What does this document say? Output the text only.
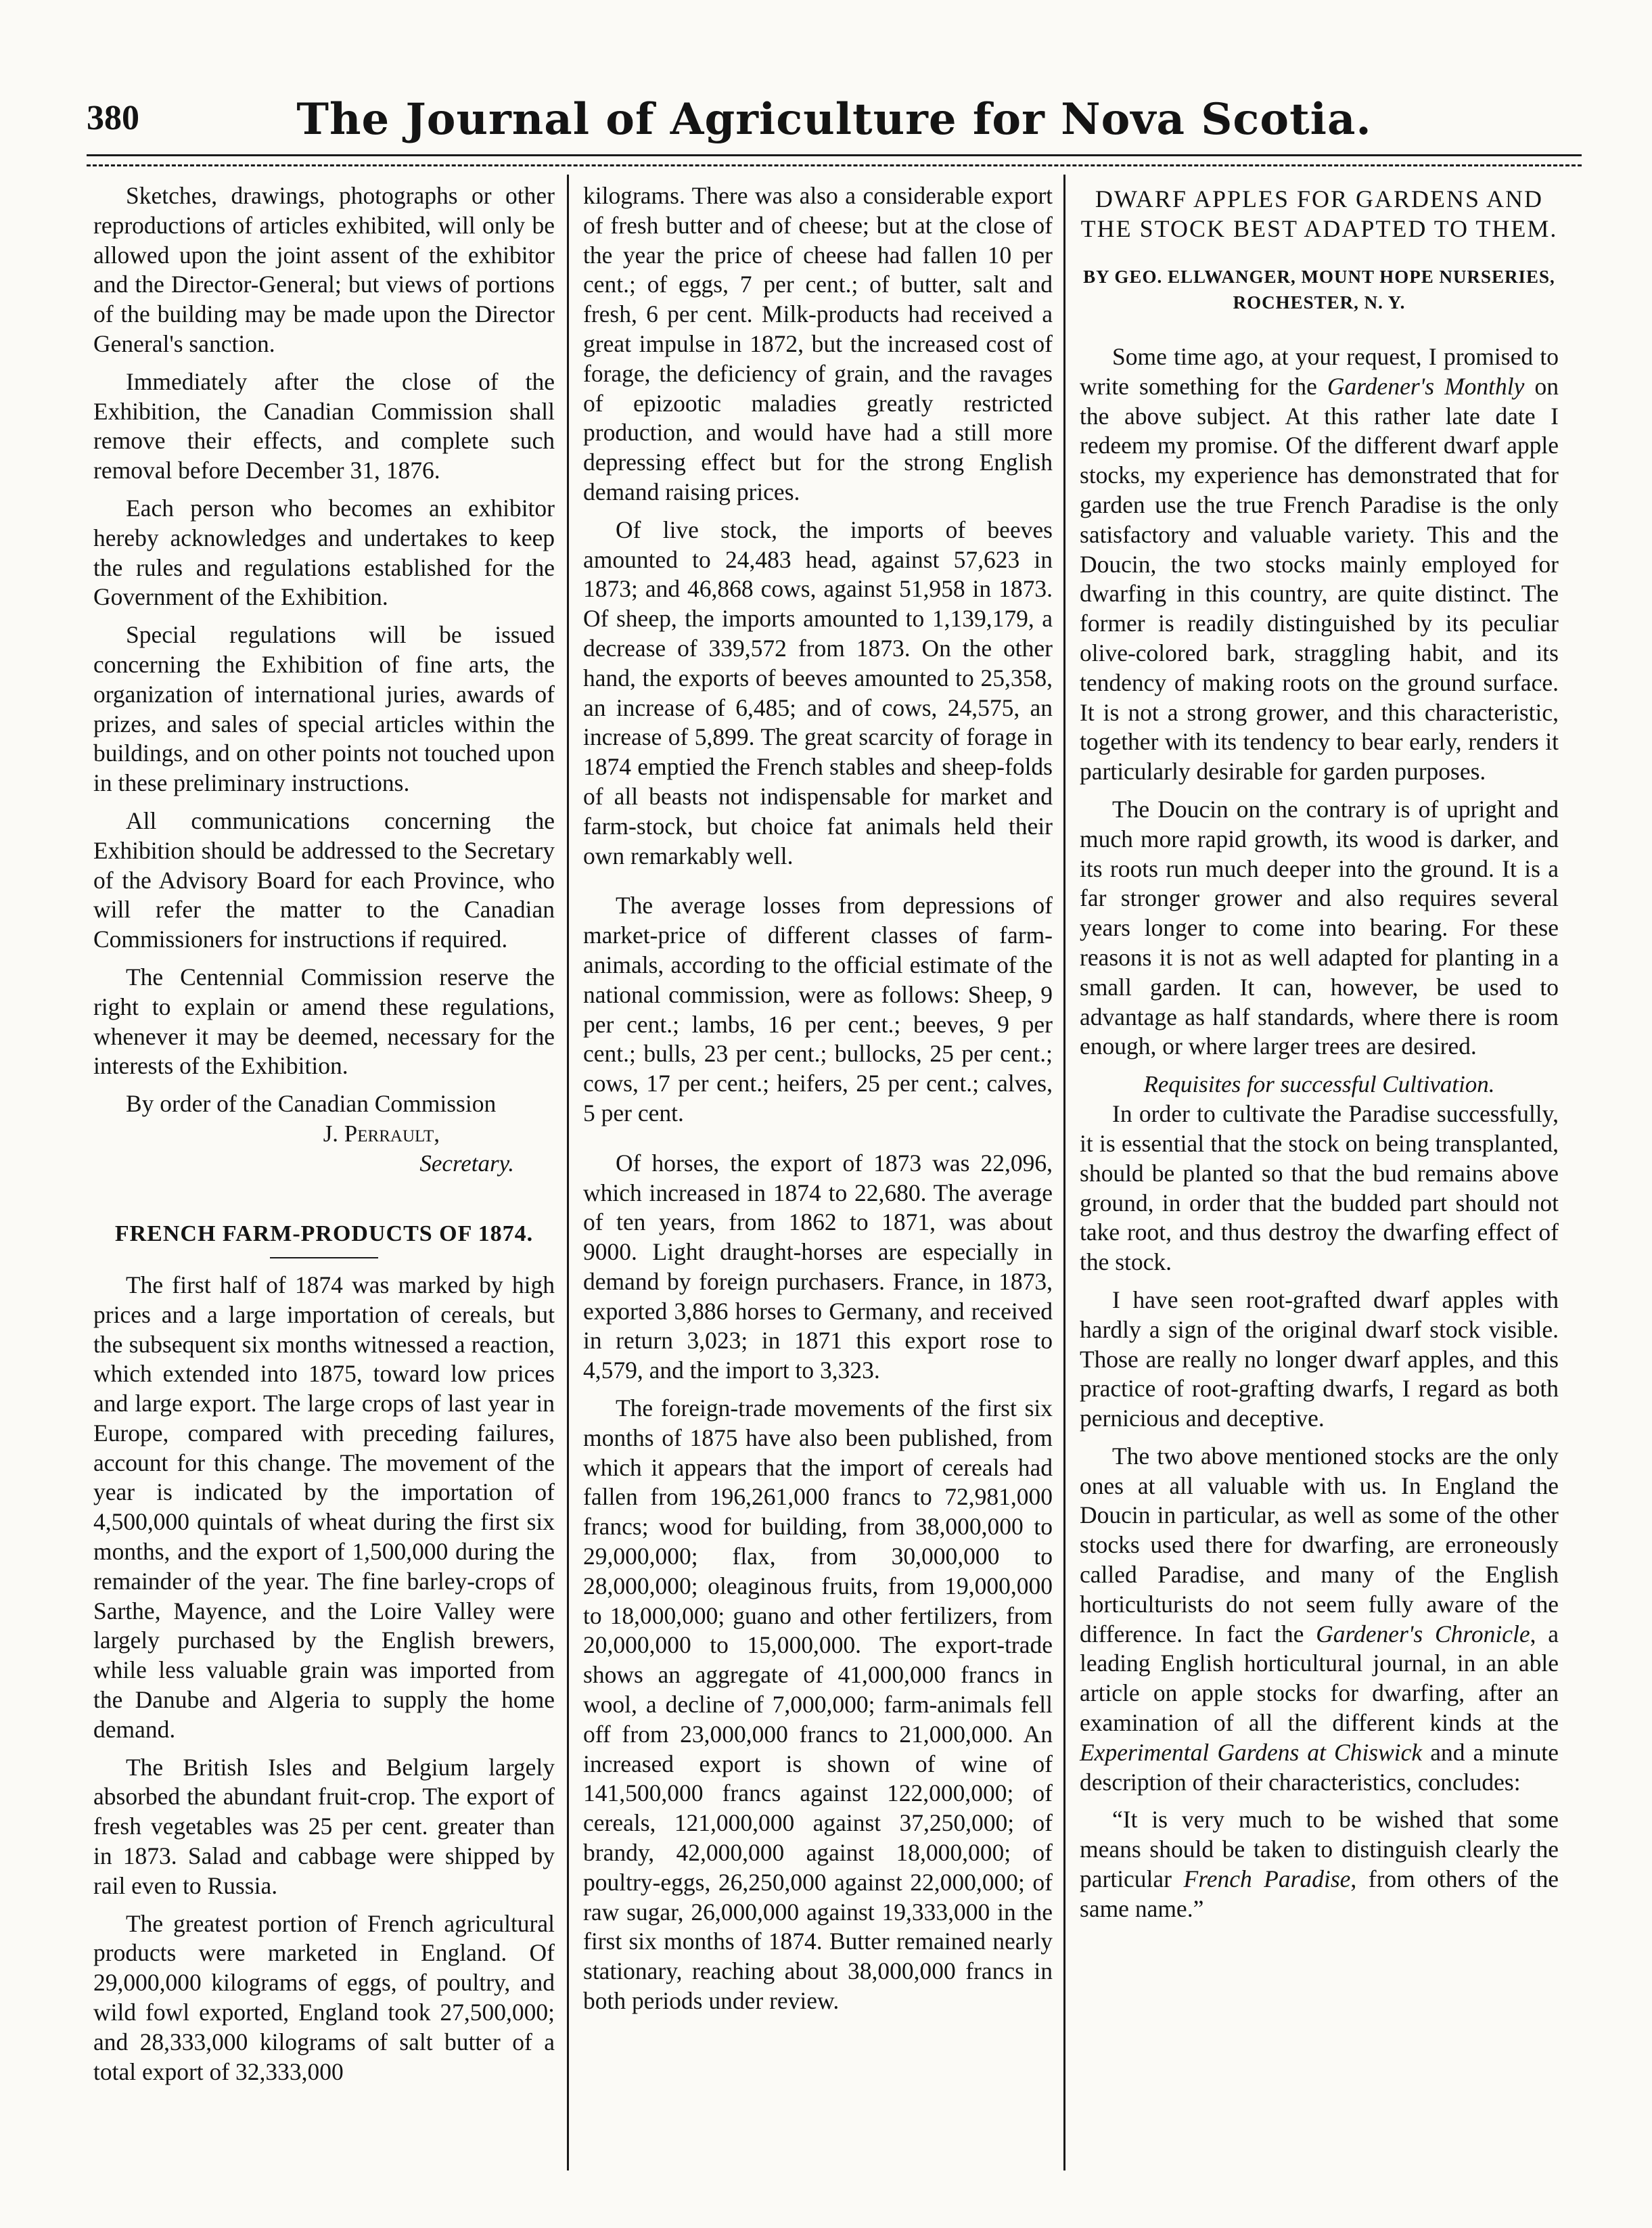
380	The Journal of Agriculture for Nova Scotia.

Sketches, drawings, photographs or other reproductions of articles exhibited, will only be allowed upon the joint assent of the exhibitor and the Director-General; but views of portions of the building may be made upon the Director General's sanction.

Immediately after the close of the Exhibition, the Canadian Commission shall remove their effects, and complete such removal before December 31, 1876.

Each person who becomes an exhibitor hereby acknowledges and undertakes to keep the rules and regulations established for the Government of the Exhibition.

Special regulations will be issued concerning the Exhibition of fine arts, the organization of international juries, awards of prizes, and sales of special articles within the buildings, and on other points not touched upon in these preliminary instructions.

All communications concerning the Exhibition should be addressed to the Secretary of the Advisory Board for each Province, who will refer the matter to the Canadian Commissioners for instructions if required.

The Centennial Commission reserve the right to explain or amend these regulations, whenever it may be deemed, necessary for the interests of the Exhibition.

By order of the Canadian Commission

J. Perrault,
Secretary.
FRENCH FARM-PRODUCTS OF 1874.

The first half of 1874 was marked by high prices and a large importation of cereals, but the subsequent six months witnessed a reaction, which extended into 1875, toward low prices and large export. The large crops of last year in Europe, compared with preceding failures, account for this change. The movement of the year is indicated by the importation of 4,500,000 quintals of wheat during the first six months, and the export of 1,500,000 during the remainder of the year. The fine barley-crops of Sarthe, Mayence, and the Loire Valley were largely purchased by the English brewers, while less valuable grain was imported from the Danube and Algeria to supply the home demand.

The British Isles and Belgium largely absorbed the abundant fruit-crop. The export of fresh vegetables was 25 per cent. greater than in 1873. Salad and cabbage were shipped by rail even to Russia.

The greatest portion of French agricultural products were marketed in England. Of 29,000,000 kilograms of eggs, of poultry, and wild fowl exported, England took 27,500,000; and 28,333,000 kilograms of salt butter of a total export of 32,333,000

kilograms. There was also a considerable export of fresh butter and of cheese; but at the close of the year the price of cheese had fallen 10 per cent.; of eggs, 7 per cent.; of butter, salt and fresh, 6 per cent. Milk-products had received a great impulse in 1872, but the increased cost of forage, the deficiency of grain, and the ravages of epizootic maladies greatly restricted production, and would have had a still more depressing effect but for the strong English demand raising prices.

Of live stock, the imports of beeves amounted to 24,483 head, against 57,623 in 1873; and 46,868 cows, against 51,958 in 1873. Of sheep, the imports amounted to 1,139,179, a decrease of 339,572 from 1873. On the other hand, the exports of beeves amounted to 25,358, an increase of 6,485; and of cows, 24,575, an increase of 5,899. The great scarcity of forage in 1874 emptied the French stables and sheep-folds of all beasts not indispensable for market and farm-stock, but choice fat animals held their own remarkably well.

The average losses from depressions of market-price of different classes of farm-animals, according to the official estimate of the national commission, were as follows: Sheep, 9 per cent.; lambs, 16 per cent.; beeves, 9 per cent.; bulls, 23 per cent.; bullocks, 25 per cent.; cows, 17 per cent.; heifers, 25 per cent.; calves, 5 per cent.

Of horses, the export of 1873 was 22,096, which increased in 1874 to 22,680. The average of ten years, from 1862 to 1871, was about 9000. Light draught-horses are especially in demand by foreign purchasers. France, in 1873, exported 3,886 horses to Germany, and received in return 3,023; in 1871 this export rose to 4,579, and the import to 3,323.

The foreign-trade movements of the first six months of 1875 have also been published, from which it appears that the import of cereals had fallen from 196,261,000 francs to 72,981,000 francs; wood for building, from 38,000,000 to 29,000,000; flax, from 30,000,000 to 28,000,000; oleaginous fruits, from 19,000,000 to 18,000,000; guano and other fertilizers, from 20,000,000 to 15,000,000. The export-trade shows an aggregate of 41,000,000 francs in wool, a decline of 7,000,000; farm-animals fell off from 23,000,000 francs to 21,000,000. An increased export is shown of wine of 141,500,000 francs against 122,000,000; of cereals, 121,000,000 against 37,250,000; of brandy, 42,000,000 against 18,000,000; of poultry-eggs, 26,250,000 against 22,000,000; of raw sugar, 26,000,000 against 19,333,000 in the first six months of 1874. Butter remained nearly stationary, reaching about 38,000,000 francs in both periods under review.

DWARF APPLES FOR GARDENS AND THE STOCK BEST ADAPTED TO THEM.
BY GEO. ELLWANGER, MOUNT HOPE NURSERIES, ROCHESTER, N. Y.

Some time ago, at your request, I promised to write something for the Gardener's Monthly on the above subject. At this rather late date I redeem my promise. Of the different dwarf apple stocks, my experience has demonstrated that for garden use the true French Paradise is the only satisfactory and valuable variety. This and the Doucin, the two stocks mainly employed for dwarfing in this country, are quite distinct. The former is readily distinguished by its peculiar olive-colored bark, straggling habit, and its tendency of making roots on the ground surface. It is not a strong grower, and this characteristic, together with its tendency to bear early, renders it particularly desirable for garden purposes.

The Doucin on the contrary is of upright and much more rapid growth, its wood is darker, and its roots run much deeper into the ground. It is a far stronger grower and also requires several years longer to come into bearing. For these reasons it is not as well adapted for planting in a small garden. It can, however, be used to advantage as half standards, where there is room enough, or where larger trees are desired.

Requisites for successful Cultivation.

In order to cultivate the Paradise successfully, it is essential that the stock on being transplanted, should be planted so that the bud remains above ground, in order that the budded part should not take root, and thus destroy the dwarfing effect of the stock.

I have seen root-grafted dwarf apples with hardly a sign of the original dwarf stock visible. Those are really no longer dwarf apples, and this practice of root-grafting dwarfs, I regard as both pernicious and deceptive.

The two above mentioned stocks are the only ones at all valuable with us. In England the Doucin in particular, as well as some of the other stocks used there for dwarfing, are erroneously called Paradise, and many of the English horticulturists do not seem fully aware of the difference. In fact the Gardener's Chronicle, a leading English horticultural journal, in an able article on apple stocks for dwarfing, after an examination of all the different kinds at the Experimental Gardens at Chiswick and a minute description of their characteristics, concludes:

“It is very much to be wished that some means should be taken to distinguish clearly the particular French Paradise, from others of the same name.”
